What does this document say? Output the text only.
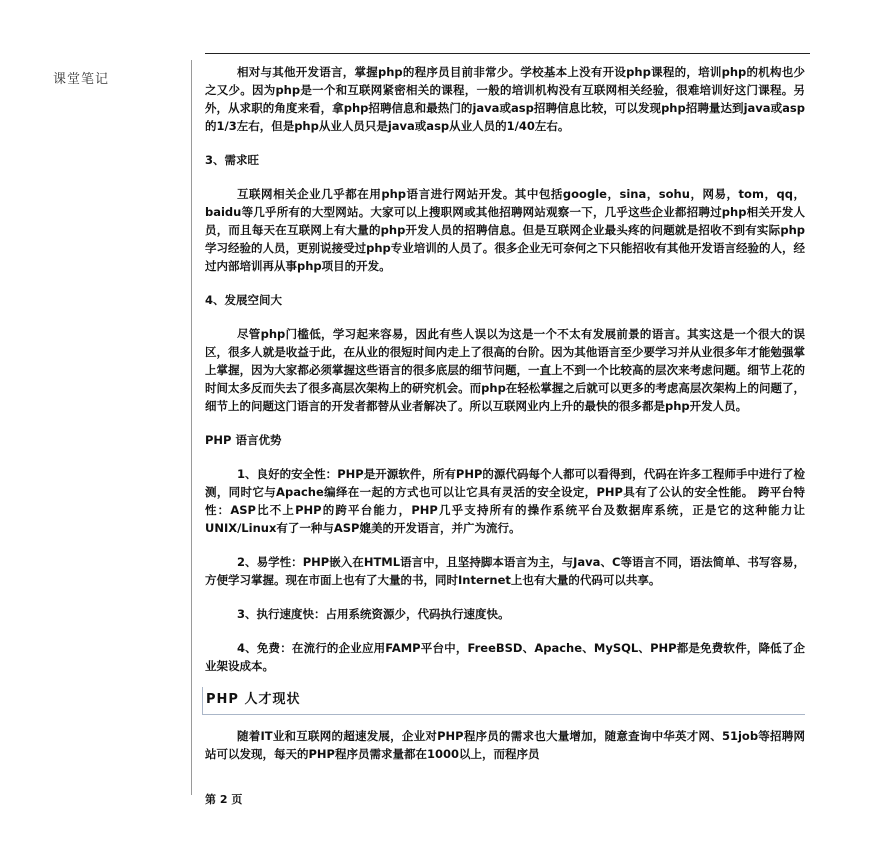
课堂笔记	相对与其他开发语言，掌握php的程序员目前非常少。学校基本上没有开设php课程的，培训php的机构也少之又少。因为php是一个和互联网紧密相关的课程，一般的培训机构没有互联网相关经验，很难培训好这门课程。另外，从求职的角度来看，拿php招聘信息和最热门的java或asp招聘信息比较，可以发现php招聘量达到java或asp的1/3左右，但是php从业人员只是java或asp从业人员的1/40左右。

3、需求旺

互联网相关企业几乎都在用php语言进行网站开发。其中包括google，sina，sohu，网易，tom，qq，baidu等几乎所有的大型网站。大家可以上搜职网或其他招聘网站观察一下，几乎这些企业都招聘过php相关开发人员，而且每天在互联网上有大量的php开发人员的招聘信息。但是互联网企业最头疼的问题就是招收不到有实际php学习经验的人员，更别说接受过php专业培训的人员了。很多企业无可奈何之下只能招收有其他开发语言经验的人，经过内部培训再从事php项目的开发。

4、发展空间大

尽管php门槛低，学习起来容易，因此有些人误以为这是一个不太有发展前景的语言。其实这是一个很大的误区，很多人就是收益于此，在从业的很短时间内走上了很高的台阶。因为其他语言至少要学习并从业很多年才能勉强掌上掌握，因为大家都必须掌握这些语言的很多底层的细节问题，一直上不到一个比较高的层次来考虑问题。细节上花的时间太多反而失去了很多高层次架构上的研究机会。而php在轻松掌握之后就可以更多的考虑高层次架构上的问题了，细节上的问题这门语言的开发者都替从业者解决了。所以互联网业内上升的最快的很多都是php开发人员。

PHP 语言优势

1、良好的安全性：PHP是开源软件，所有PHP的源代码每个人都可以看得到，代码在许多工程师手中进行了检测，同时它与Apache编绎在一起的方式也可以让它具有灵活的安全设定，PHP具有了公认的安全性能。 跨平台特性：ASP比不上PHP的跨平台能力，PHP几乎支持所有的操作系统平台及数据库系统，正是它的这种能力让UNIX/Linux有了一种与ASP媲美的开发语言，并广为流行。

2、易学性：PHP嵌入在HTML语言中，且坚持脚本语言为主，与Java、C等语言不同，语法简单、书写容易，方便学习掌握。现在市面上也有了大量的书，同时Internet上也有大量的代码可以共享。

3、执行速度快：占用系统资源少，代码执行速度快。

4、免费：在流行的企业应用FAMP平台中，FreeBSD、Apache、MySQL、PHP都是免费软件，降低了企业架设成本。

PHP 人才现状

随着IT业和互联网的超速发展，企业对PHP程序员的需求也大量增加，随意查询中华英才网、51job等招聘网站可以发现，每天的PHP程序员需求量都在1000以上，而程序员

第 2 页
